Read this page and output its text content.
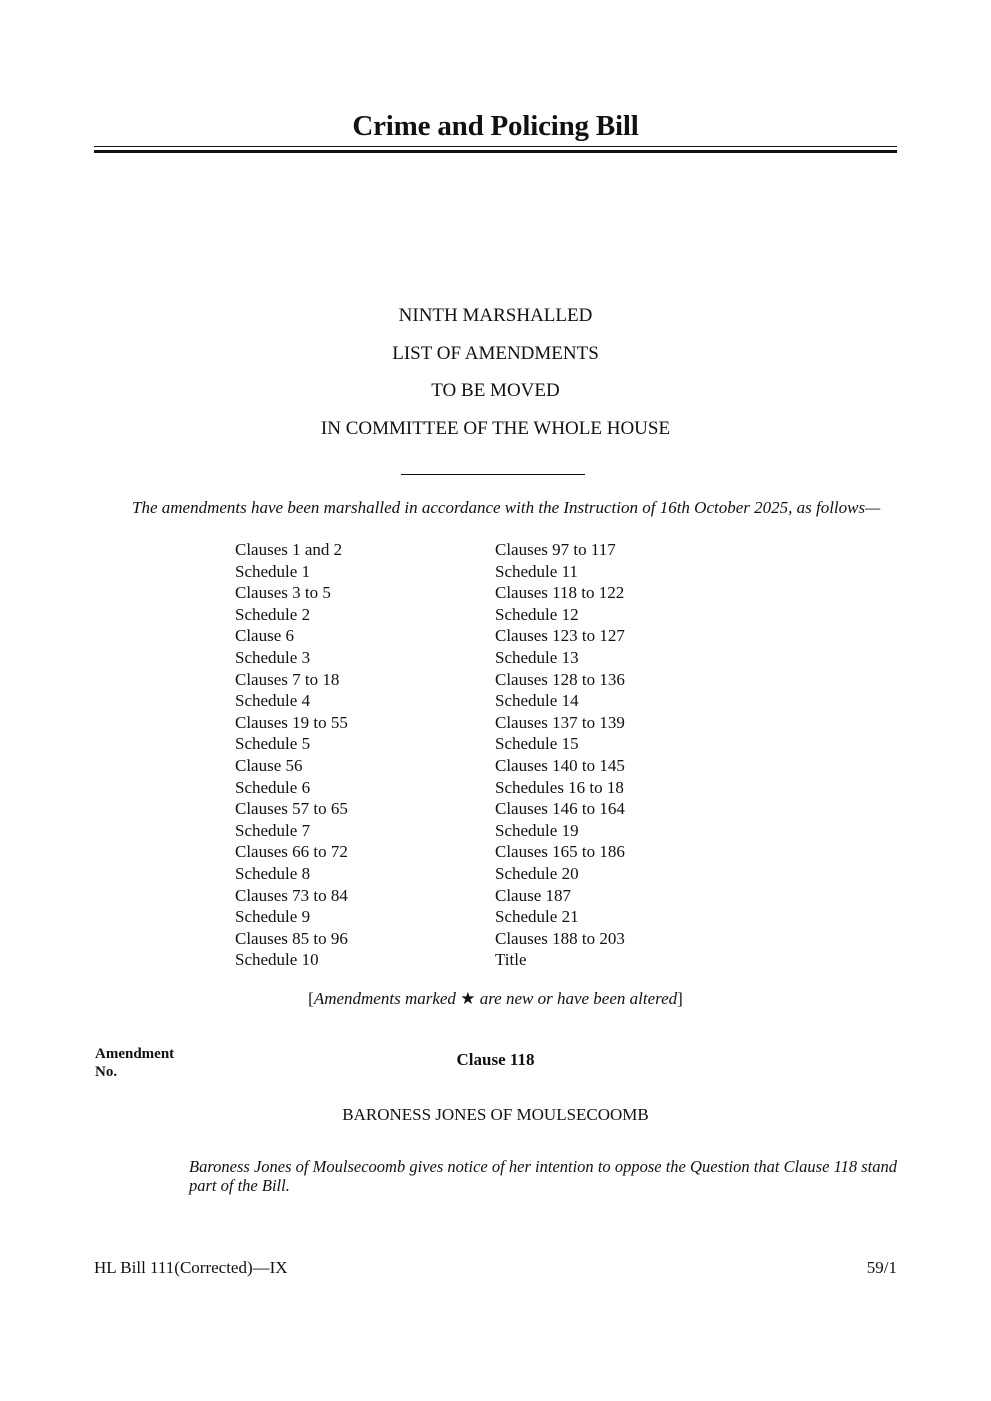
Crime and Policing Bill
NINTH MARSHALLED
LIST OF AMENDMENTS
TO BE MOVED
IN COMMITTEE OF THE WHOLE HOUSE
The amendments have been marshalled in accordance with the Instruction of 16th October 2025, as follows—
Clauses 1 and 2
Schedule 1
Clauses 3 to 5
Schedule 2
Clause 6
Schedule 3
Clauses 7 to 18
Schedule 4
Clauses 19 to 55
Schedule 5
Clause 56
Schedule 6
Clauses 57 to 65
Schedule 7
Clauses 66 to 72
Schedule 8
Clauses 73 to 84
Schedule 9
Clauses 85 to 96
Schedule 10
Clauses 97 to 117
Schedule 11
Clauses 118 to 122
Schedule 12
Clauses 123 to 127
Schedule 13
Clauses 128 to 136
Schedule 14
Clauses 137 to 139
Schedule 15
Clauses 140 to 145
Schedules 16 to 18
Clauses 146 to 164
Schedule 19
Clauses 165 to 186
Schedule 20
Clause 187
Schedule 21
Clauses 188 to 203
Title
[Amendments marked ★ are new or have been altered]
Amendment
No.
Clause 118
BARONESS JONES OF MOULSECOOMB
Baroness Jones of Moulsecoomb gives notice of her intention to oppose the Question that Clause 118 stand part of the Bill.
HL Bill 111(Corrected)—IX	59/1
